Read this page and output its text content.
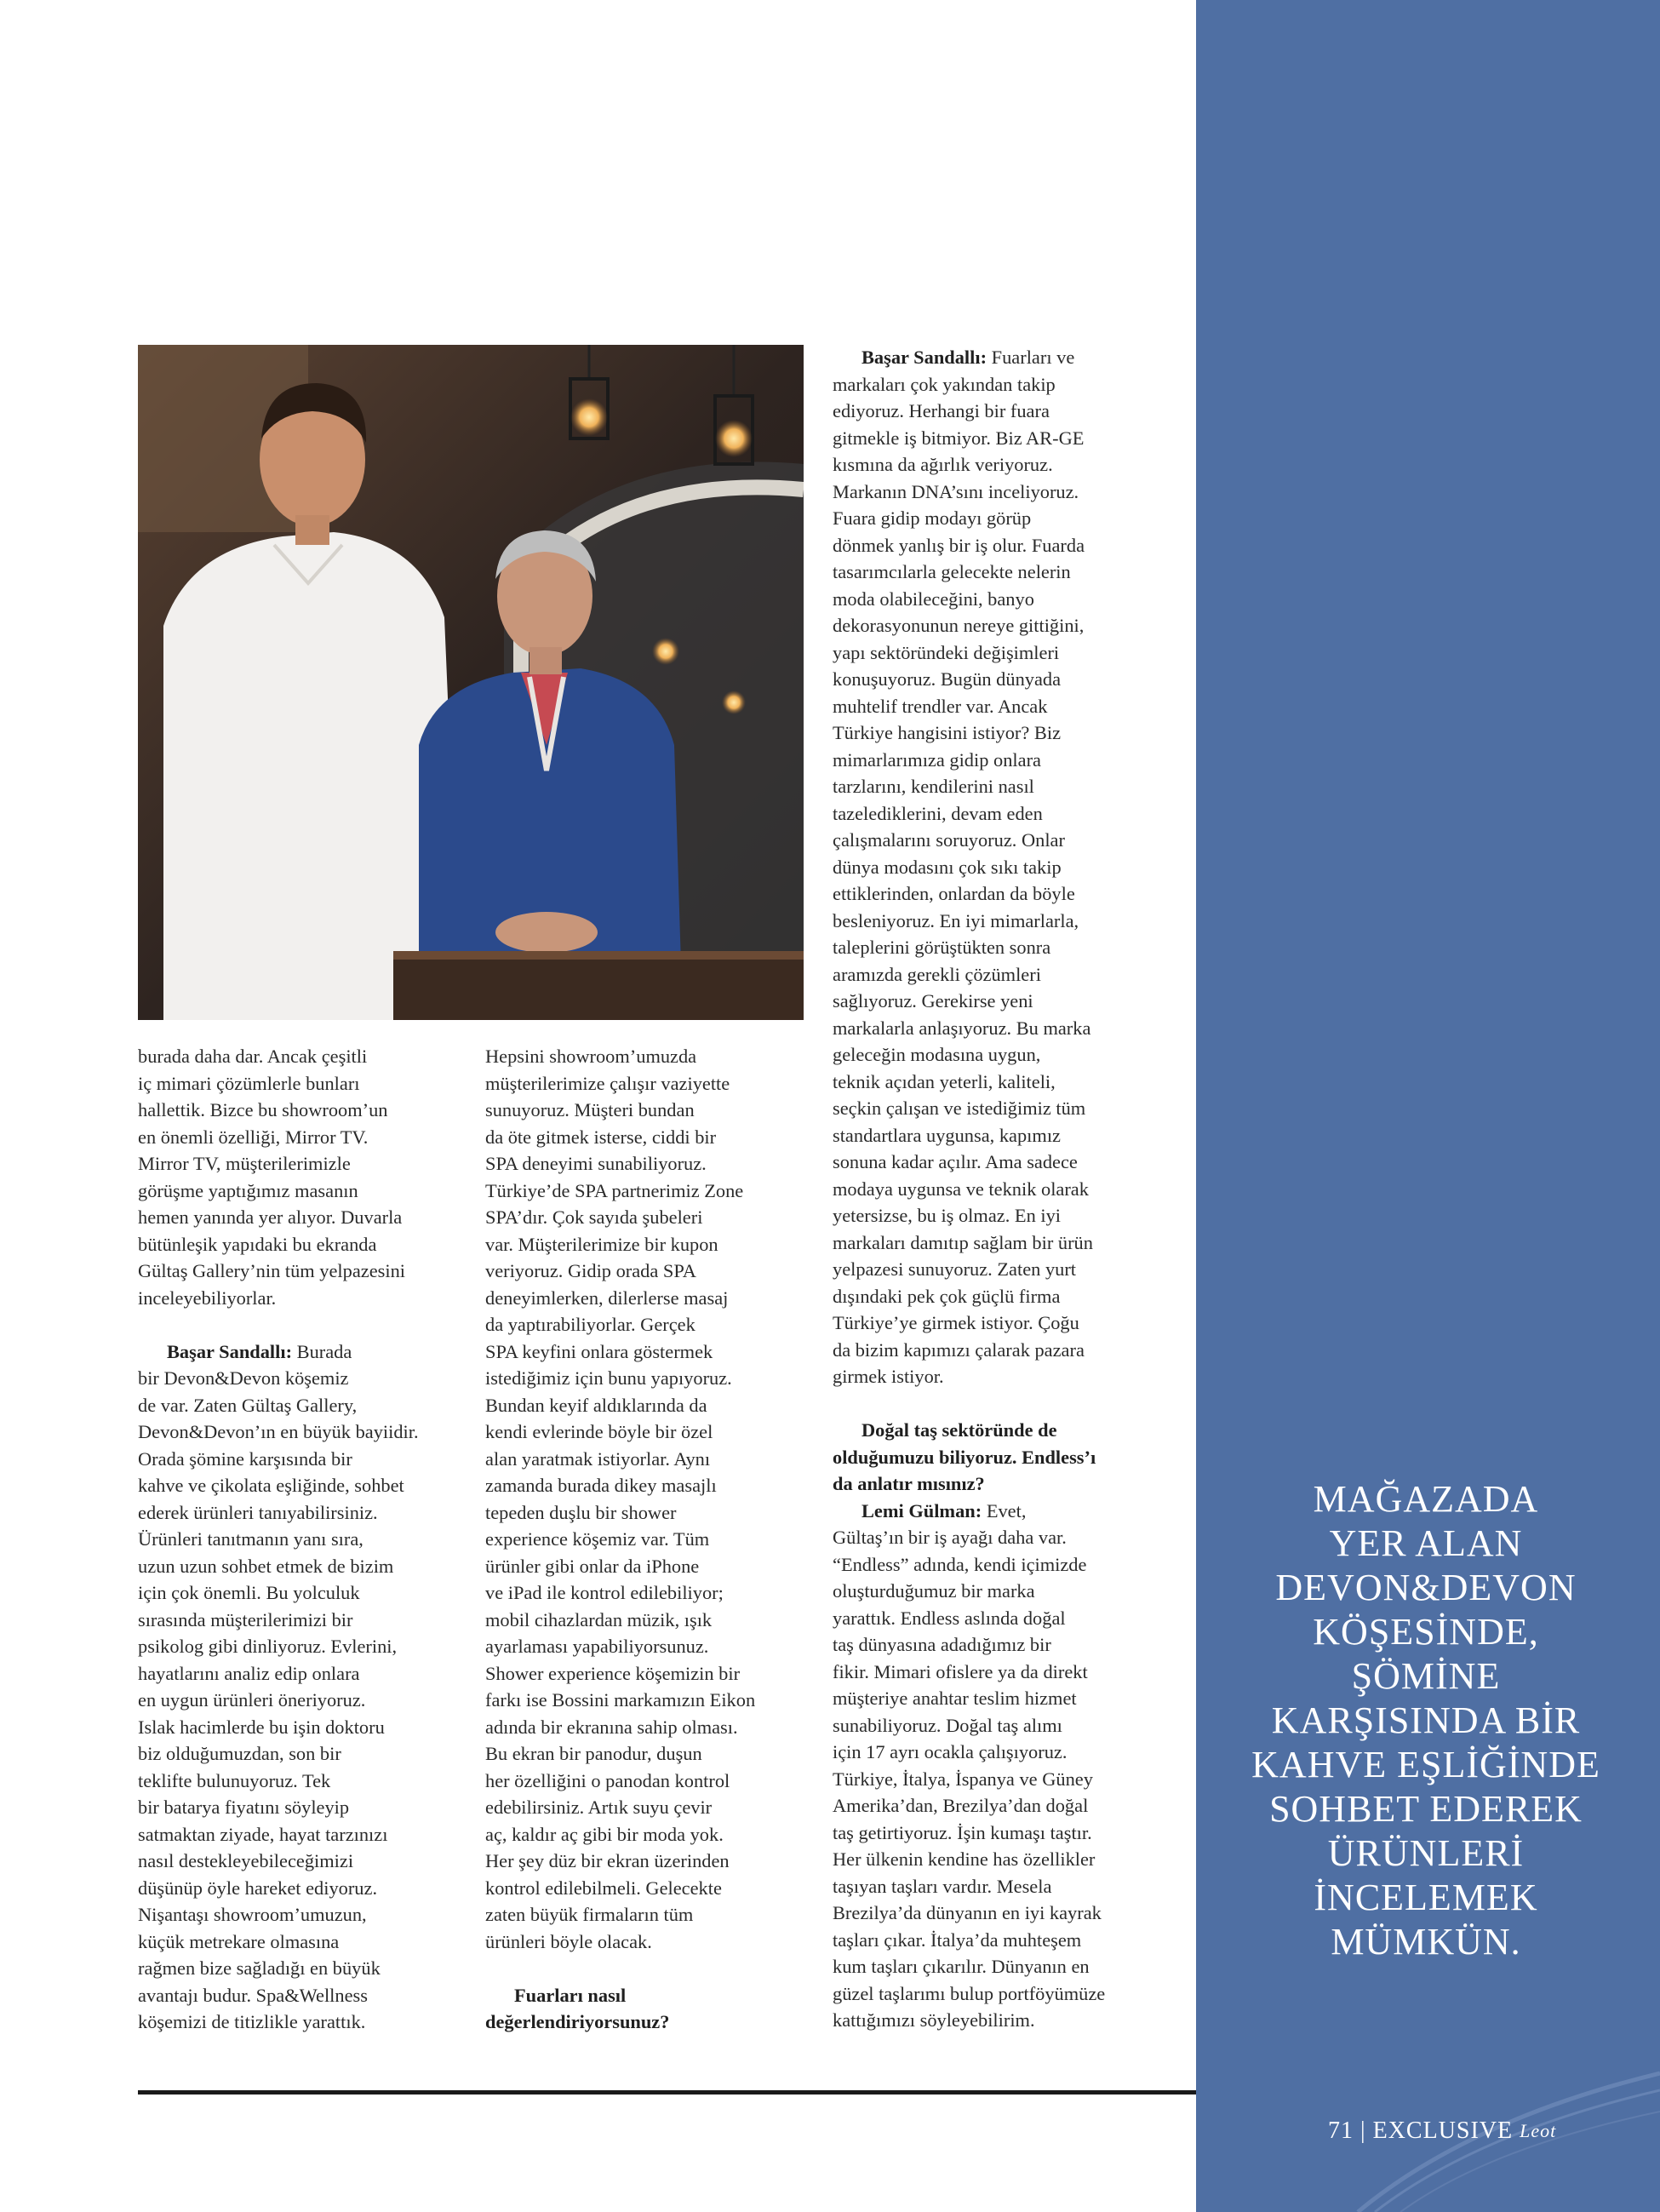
MAĞAZADA
YER ALAN
DEVON&DEVON
KÖŞESİNDE,
ŞÖMİNE
KARŞISINDA BİR
KAHVE EŞLİĞİNDE
SOHBET EDEREK
ÜRÜNLERİ
İNCELEMEK
MÜMKÜN.

burada daha dar. Ancak çeşitli

iç mimari çözümlerle bunları

hallettik. Bizce bu showroom’un

en önemli özelliği, Mirror TV.

Mirror TV, müşterilerimizle

görüşme yaptığımız masanın

hemen yanında yer alıyor. Duvarla

bütünleşik yapıdaki bu ekranda

Gültaş Gallery’nin tüm yelpazesini

inceleyebiliyorlar.

Başar Sandallı: Burada

bir Devon&Devon köşemiz

de var. Zaten Gültaş Gallery,

Devon&Devon’ın en büyük bayiidir.

Orada şömine karşısında bir

kahve ve çikolata eşliğinde, sohbet

ederek ürünleri tanıyabilirsiniz.

Ürünleri tanıtmanın yanı sıra,

uzun uzun sohbet etmek de bizim

için çok önemli. Bu yolculuk

sırasında müşterilerimizi bir

psikolog gibi dinliyoruz. Evlerini,

hayatlarını analiz edip onlara

en uygun ürünleri öneriyoruz.

Islak hacimlerde bu işin doktoru

biz olduğumuzdan, son bir

teklifte bulunuyoruz. Tek

bir batarya fiyatını söyleyip

satmaktan ziyade, hayat tarzınızı

nasıl destekleyebileceğimizi

düşünüp öyle hareket ediyoruz.

Nişantaşı showroom’umuzun,

küçük metrekare olmasına

rağmen bize sağladığı en büyük

avantajı budur. Spa&Wellness

köşemizi de titizlikle yarattık.

Hepsini showroom’umuzda

müşterilerimize çalışır vaziyette

sunuyoruz. Müşteri bundan

da öte gitmek isterse, ciddi bir

SPA deneyimi sunabiliyoruz.

Türkiye’de SPA partnerimiz Zone

SPA’dır. Çok sayıda şubeleri

var. Müşterilerimize bir kupon

veriyoruz. Gidip orada SPA

deneyimlerken, dilerlerse masaj

da yaptırabiliyorlar. Gerçek

SPA keyfini onlara göstermek

istediğimiz için bunu yapıyoruz.

Bundan keyif aldıklarında da

kendi evlerinde böyle bir özel

alan yaratmak istiyorlar. Aynı

zamanda burada dikey masajlı

tepeden duşlu bir shower

experience köşemiz var. Tüm

ürünler gibi onlar da iPhone

ve iPad ile kontrol edilebiliyor;

mobil cihazlardan müzik, ışık

ayarlaması yapabiliyorsunuz.

Shower experience köşemizin bir

farkı ise Bossini markamızın Eikon

adında bir ekranına sahip olması.

Bu ekran bir panodur, duşun

her özelliğini o panodan kontrol

edebilirsiniz. Artık suyu çevir

aç, kaldır aç gibi bir moda yok.

Her şey düz bir ekran üzerinden

kontrol edilebilmeli. Gelecekte

zaten büyük firmaların tüm

ürünleri böyle olacak.

Fuarları nasıl

değerlendiriyorsunuz?

Başar Sandallı: Fuarları ve

markaları çok yakından takip

ediyoruz. Herhangi bir fuara

gitmekle iş bitmiyor. Biz AR-GE

kısmına da ağırlık veriyoruz.

Markanın DNA’sını inceliyoruz.

Fuara gidip modayı görüp

dönmek yanlış bir iş olur. Fuarda

tasarımcılarla gelecekte nelerin

moda olabileceğini, banyo

dekorasyonunun nereye gittiğini,

yapı sektöründeki değişimleri

konuşuyoruz. Bugün dünyada

muhtelif trendler var. Ancak

Türkiye hangisini istiyor? Biz

mimarlarımıza gidip onlara

tarzlarını, kendilerini nasıl

tazelediklerini, devam eden

çalışmalarını soruyoruz. Onlar

dünya modasını çok sıkı takip

ettiklerinden, onlardan da böyle

besleniyoruz. En iyi mimarlarla,

taleplerini görüştükten sonra

aramızda gerekli çözümleri

sağlıyoruz. Gerekirse yeni

markalarla anlaşıyoruz. Bu marka

geleceğin modasına uygun,

teknik açıdan yeterli, kaliteli,

seçkin çalışan ve istediğimiz tüm

standartlara uygunsa, kapımız

sonuna kadar açılır. Ama sadece

modaya uygunsa ve teknik olarak

yetersizse, bu iş olmaz. En iyi

markaları damıtıp sağlam bir ürün

yelpazesi sunuyoruz. Zaten yurt

dışındaki pek çok güçlü firma

Türkiye’ye girmek istiyor. Çoğu

da bizim kapımızı çalarak pazara

girmek istiyor.

Doğal taş sektöründe de

olduğumuzu biliyoruz. Endless’ı

da anlatır mısınız?

Lemi Gülman: Evet,

Gültaş’ın bir iş ayağı daha var.

“Endless” adında, kendi içimizde

oluşturduğumuz bir marka

yarattık. Endless aslında doğal

taş dünyasına adadığımız bir

fikir. Mimari ofislere ya da direkt

müşteriye anahtar teslim hizmet

sunabiliyoruz. Doğal taş alımı

için 17 ayrı ocakla çalışıyoruz.

Türkiye, İtalya, İspanya ve Güney

Amerika’dan, Brezilya’dan doğal

taş getirtiyoruz. İşin kumaşı taştır.

Her ülkenin kendine has özellikler

taşıyan taşları vardır. Mesela

Brezilya’da dünyanın en iyi kayrak

taşları çıkar. İtalya’da muhteşem

kum taşları çıkarılır. Dünyanın en

güzel taşlarımı bulup portföyümüze

kattığımızı söyleyebilirim.

71 | EXCLUSIVE Leot
